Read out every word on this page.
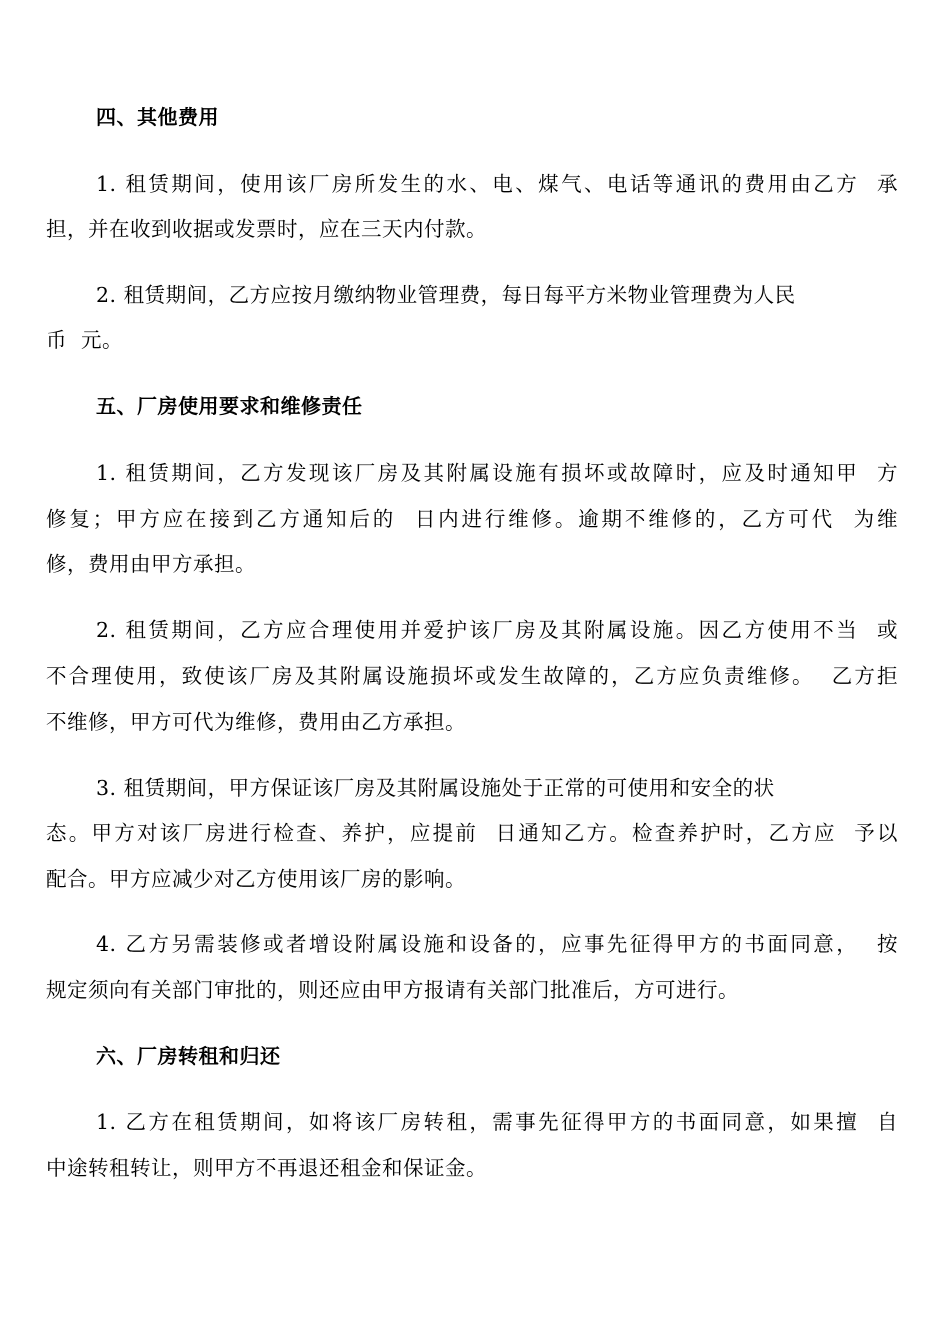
四、其他费用
1. 租赁期间，使用该厂房所发生的水、电、煤气、电话等通讯的费用由乙方  承
担，并在收到收据或发票时，应在三天内付款。
2. 租赁期间，乙方应按月缴纳物业管理费，每日每平方米物业管理费为人民
币  元。
五、厂房使用要求和维修责任
1. 租赁期间，乙方发现该厂房及其附属设施有损坏或故障时，应及时通知甲  方
修复；甲方应在接到乙方通知后的  日内进行维修。逾期不维修的，乙方可代  为维
修，费用由甲方承担。
2. 租赁期间，乙方应合理使用并爱护该厂房及其附属设施。因乙方使用不当  或
不合理使用，致使该厂房及其附属设施损坏或发生故障的，乙方应负责维修。  乙方拒
不维修，甲方可代为维修，费用由乙方承担。
3. 租赁期间，甲方保证该厂房及其附属设施处于正常的可使用和安全的状
态。甲方对该厂房进行检查、养护，应提前  日通知乙方。检查养护时，乙方应  予以
配合。甲方应减少对乙方使用该厂房的影响。
4. 乙方另需装修或者增设附属设施和设备的，应事先征得甲方的书面同意，  按
规定须向有关部门审批的，则还应由甲方报请有关部门批准后，方可进行。
六、厂房转租和归还
1. 乙方在租赁期间，如将该厂房转租，需事先征得甲方的书面同意，如果擅  自
中途转租转让，则甲方不再退还租金和保证金。
